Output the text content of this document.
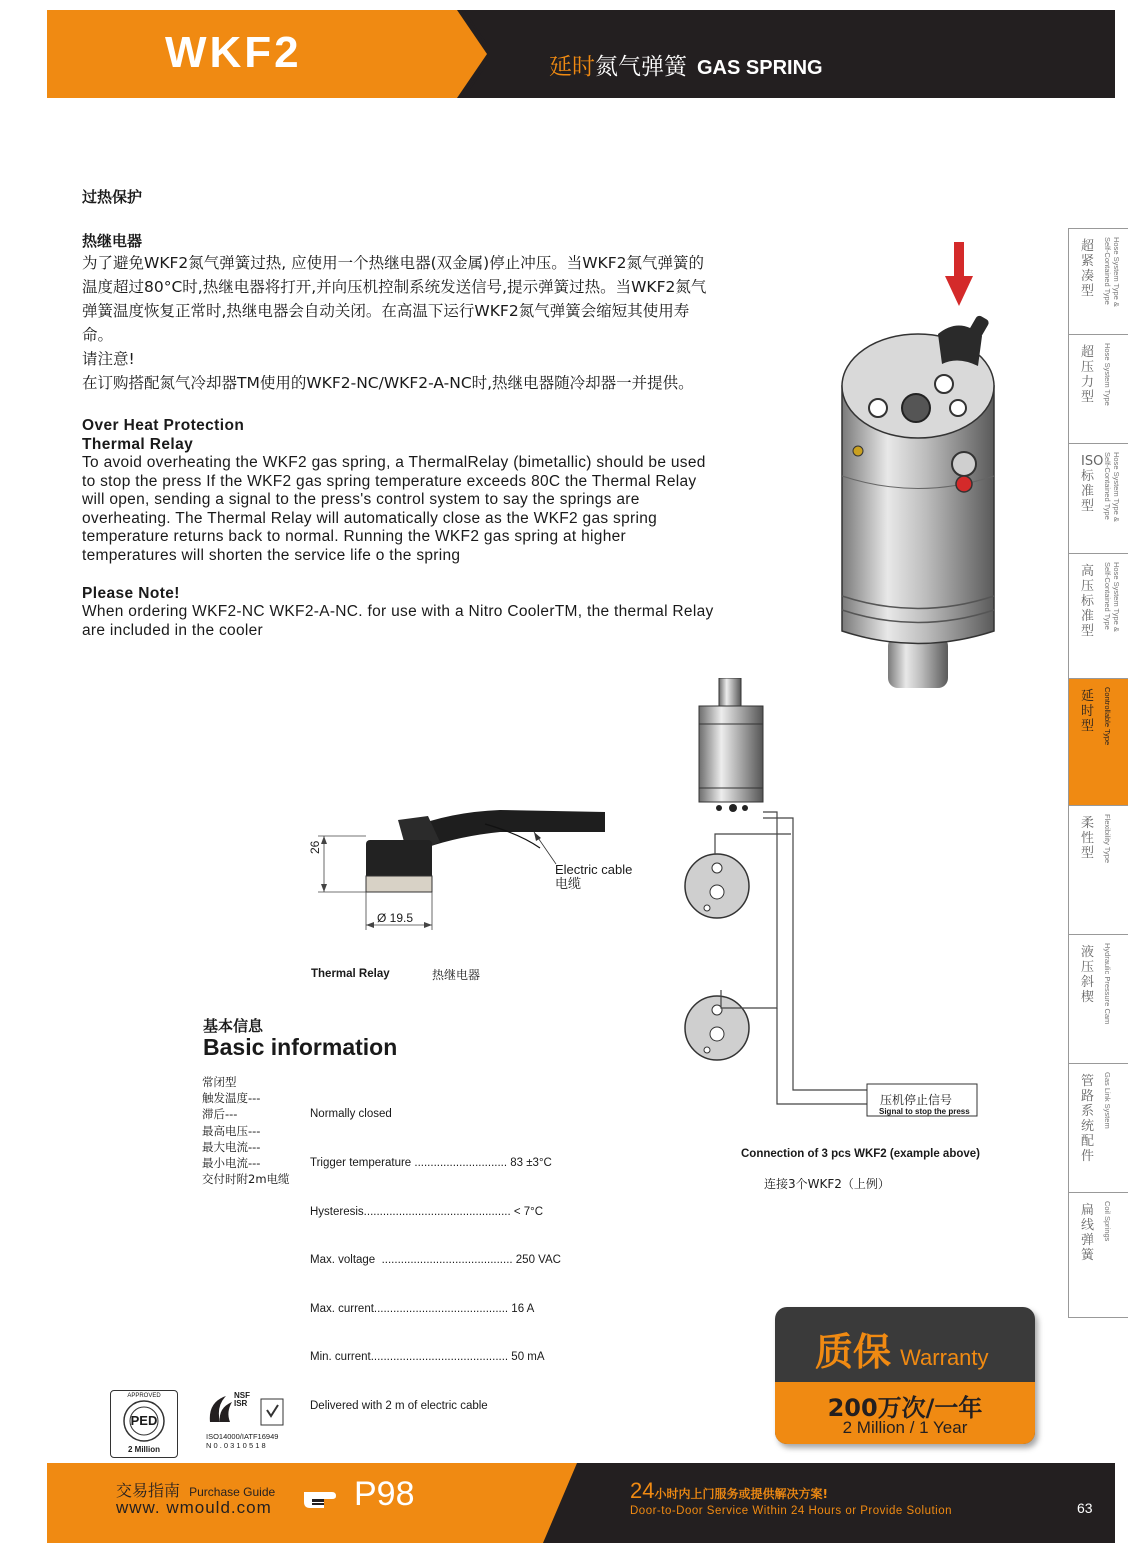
WKF2	延时氮气弹簧 GAS SPRING
过热保护
热继电器
为了避免WKF2氮气弹簧过热, 应使用一个热继电器(双金属)停止冲压。当WKF2氮气弹簧的
温度超过80°C时,热继电器将打开,并向压机控制系统发送信号,提示弹簧过热。当WKF2氮气
弹簧温度恢复正常时,热继电器会自动关闭。在高温下运行WKF2氮气弹簧会缩短其使用寿
命。
请注意!
在订购搭配氮气冷却器TM使用的WKF2-NC/WKF2-A-NC时,热继电器随冷却器一并提供。
Over Heat Protection
Thermal Relay
To avoid overheating the WKF2 gas spring, a ThermalRelay (bimetallic) should be used
to stop the press If the WKF2 gas spring temperature exceeds 80C the Thermal Relay
will open, sending a signal to the press's control system to say the springs are
overheating. The Thermal Relay will automatically close as the WKF2 gas spring
temperature returns back to normal. Running the WKF2 gas spring at higher
temperatures will shorten the service life o the spring
Please Note!
When ordering WKF2-NC WKF2-A-NC. for use with a Nitro CoolerTM, the thermal Relay
are included in the cooler
26
Ø 19.5
Electric cable
电缆
Thermal Relay	热继电器
基本信息
Basic information
常闭型
触发温度---
滞后---
最高电压---
最大电流---
最小电流---
交付时附2m电缆

Normally closed

Trigger temperature ............................. 83 ±3°C

Hysteresis.............................................. < 7°C

Max. voltage  ......................................... 250 VAC

Max. current.......................................... 16 A

Min. current........................................... 50 mA

Delivered with 2 m of electric cable

压机停止信号
Signal to stop the press
Connection of 3 pcs WKF2 (example above)
连接3个WKF2（上例）
超紧凑型
Hose System Type &
Self-Contained Type
超压力型	Hose System Type
ISO标准型
Hose System Type &
Self-Contained Type
高压标准型
Hose System Type &
Self-Contained Type
延时型	Controllable Type
柔性型	Flexibility Type
液压斜楔	Hydraulic Pressure Cam
管路系统配件
Gas Link System
扁线弹簧
Coil Springs
质保 Warranty
200万次/一年
2 Million / 1 Year
APPROVED
PED
2 Million
NSF
ISR
ISO14000/IATF16949
N 0 . 0 3 1 0 5 1 8
交易指南 Purchase Guide
www. wmould.com P98	24小时内上门服务或提供解决方案!
Door-to-Door Service Within 24 Hours or Provide Solution	63
